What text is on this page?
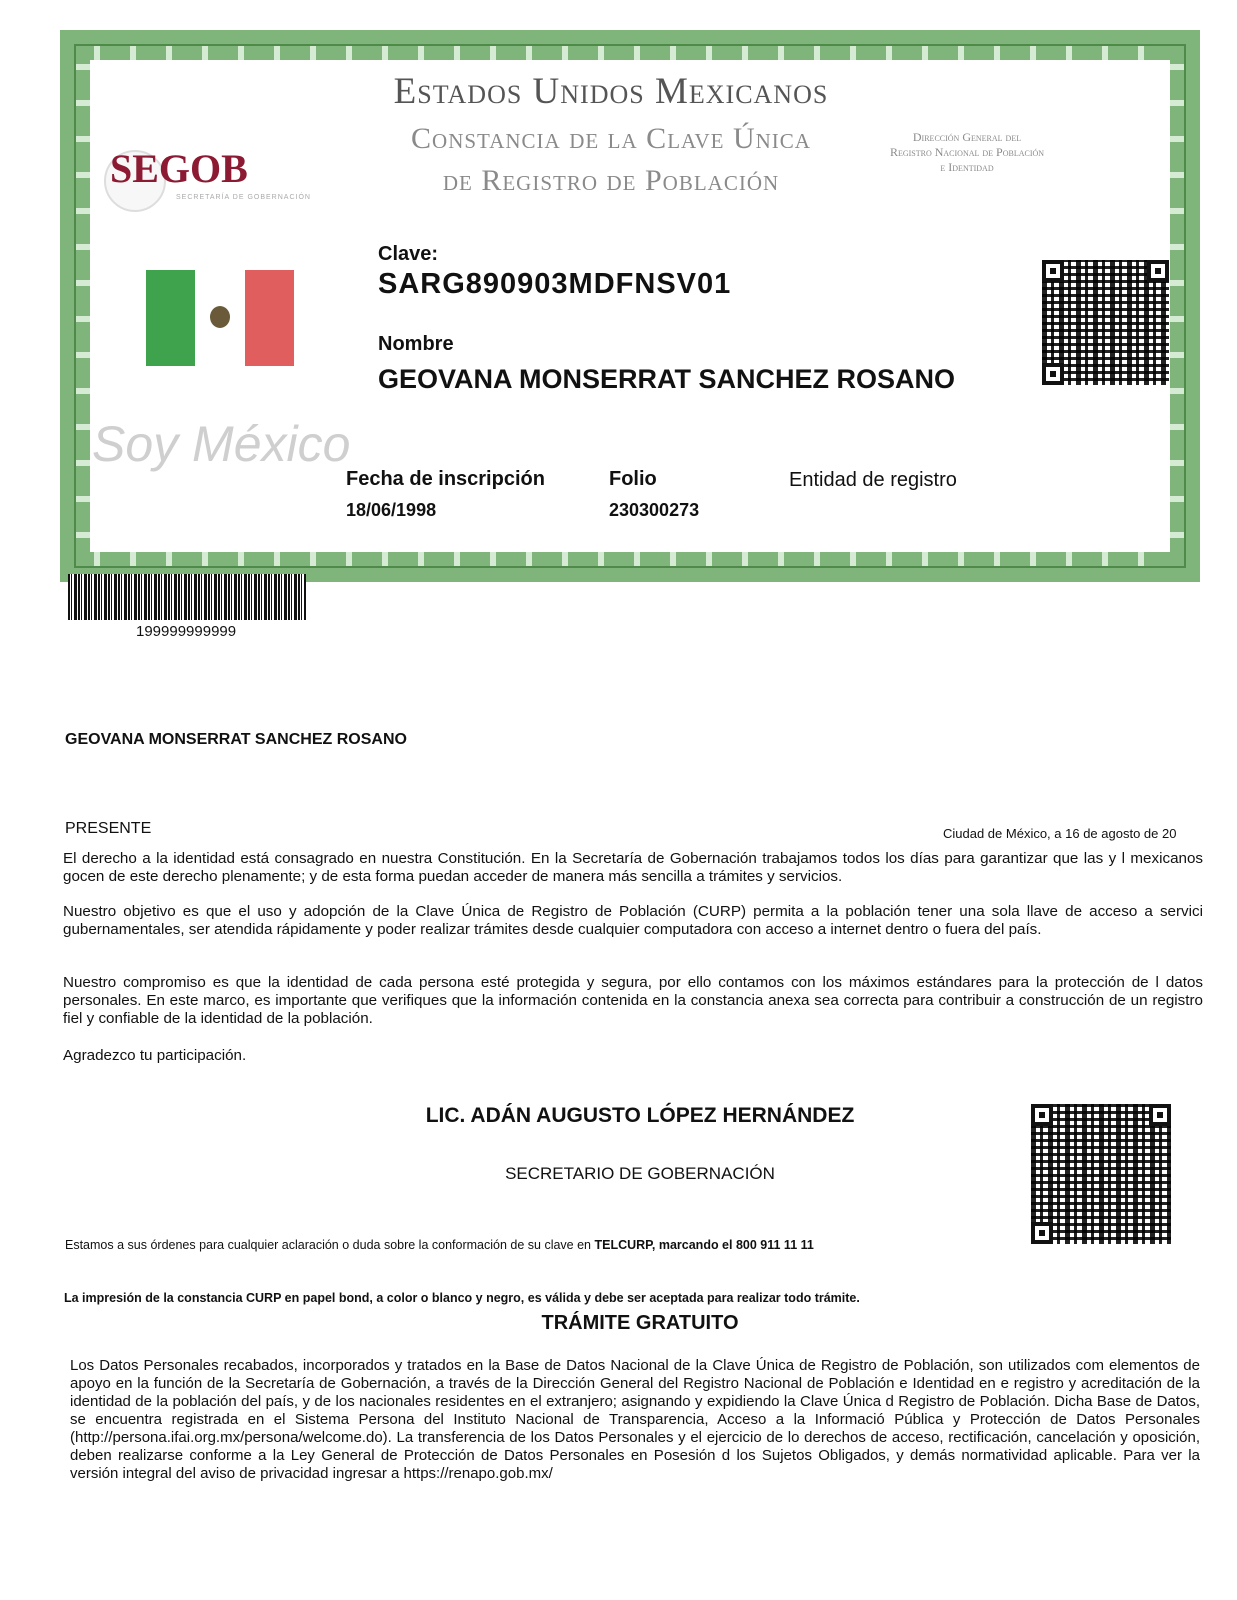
Estados Unidos Mexicanos
Constancia de la Clave Única
de Registro de Población
Dirección General del
Registro Nacional de Población
e Identidad
SEGOB
SECRETARÍA DE GOBERNACIÓN
Soy México
Clave:
SARG890903MDFNSV01
Nombre
GEOVANA MONSERRAT SANCHEZ ROSANO
Fecha de inscripción
18/06/1998
Folio
230300273
Entidad de registro
199999999999
GEOVANA MONSERRAT SANCHEZ ROSANO
PRESENTE	Ciudad de México, a 16 de agosto de 20
El derecho a la identidad está consagrado en nuestra Constitución. En la Secretaría de Gobernación trabajamos todos los días para garantizar que las y l mexicanos gocen de este derecho plenamente; y de esta forma puedan acceder de manera más sencilla a trámites y servicios.
Nuestro objetivo es que el uso y adopción de la Clave Única de Registro de Población (CURP) permita a la población tener una sola llave de acceso a servici gubernamentales, ser atendida rápidamente y poder realizar trámites desde cualquier computadora con acceso a internet dentro o fuera del país.
Nuestro compromiso es que la identidad de cada persona esté protegida y segura, por ello contamos con los máximos estándares para la protección de l datos personales. En este marco, es importante que verifiques que la información contenida en la constancia anexa sea correcta para contribuir a construcción de un registro fiel y confiable de la identidad de la población.
Agradezco tu participación.
LIC. ADÁN AUGUSTO LÓPEZ HERNÁNDEZ
SECRETARIO DE GOBERNACIÓN
Estamos a sus órdenes para cualquier aclaración o duda sobre la conformación de su clave en TELCURP, marcando el 800 911 11 11
La impresión de la constancia CURP en papel bond, a color o blanco y negro, es válida y debe ser aceptada para realizar todo trámite.
TRÁMITE GRATUITO
Los Datos Personales recabados, incorporados y tratados en la Base de Datos Nacional de la Clave Única de Registro de Población, son utilizados com elementos de apoyo en la función de la Secretaría de Gobernación, a través de la Dirección General del Registro Nacional de Población e Identidad en e registro y acreditación de la identidad de la población del país, y de los nacionales residentes en el extranjero; asignando y expidiendo la Clave Única d Registro de Población. Dicha Base de Datos, se encuentra registrada en el Sistema Persona del Instituto Nacional de Transparencia, Acceso a la Informació Pública y Protección de Datos Personales (http://persona.ifai.org.mx/persona/welcome.do). La transferencia de los Datos Personales y el ejercicio de lo derechos de acceso, rectificación, cancelación y oposición, deben realizarse conforme a la Ley General de Protección de Datos Personales en Posesión d los Sujetos Obligados, y demás normatividad aplicable. Para ver la versión integral del aviso de privacidad ingresar a https://renapo.gob.mx/
